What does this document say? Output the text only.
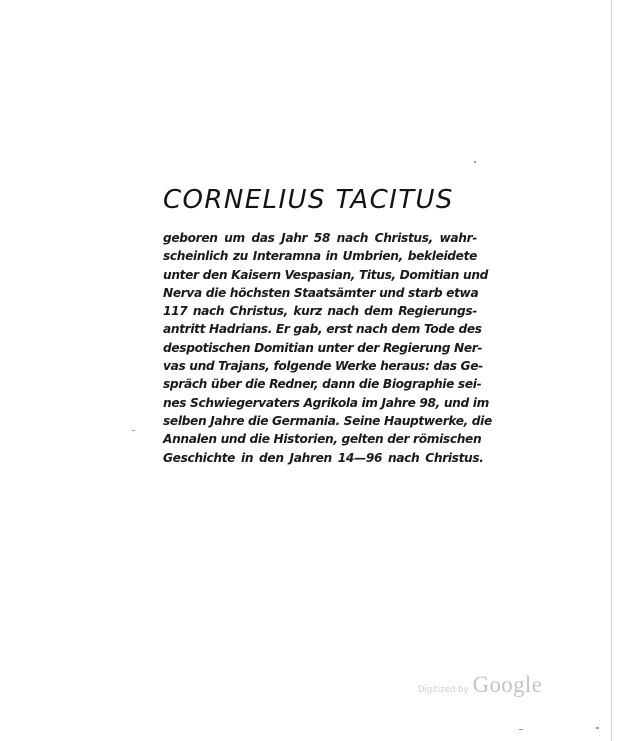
CORNELIUS TACITUS
geboren um das Jahr 58 nach Christus, wahr-
scheinlich zu Interamna in Umbrien, bekleidete
unter den Kaisern Vespasian, Titus, Domitian und
Nerva die höchsten Staatsämter und starb etwa
117 nach Christus, kurz nach dem Regierungs-
antritt Hadrians. Er gab, erst nach dem Tode des
despotischen Domitian unter der Regierung Ner-
vas und Trajans, folgende Werke heraus: das Ge-
spräch über die Redner, dann die Biographie sei-
nes Schwiegervaters Agrikola im Jahre 98, und im
selben Jahre die Germania. Seine Hauptwerke, die
Annalen und die Historien, gelten der römischen
Geschichte in den Jahren 14—96 nach Christus.
Digitized by Google
